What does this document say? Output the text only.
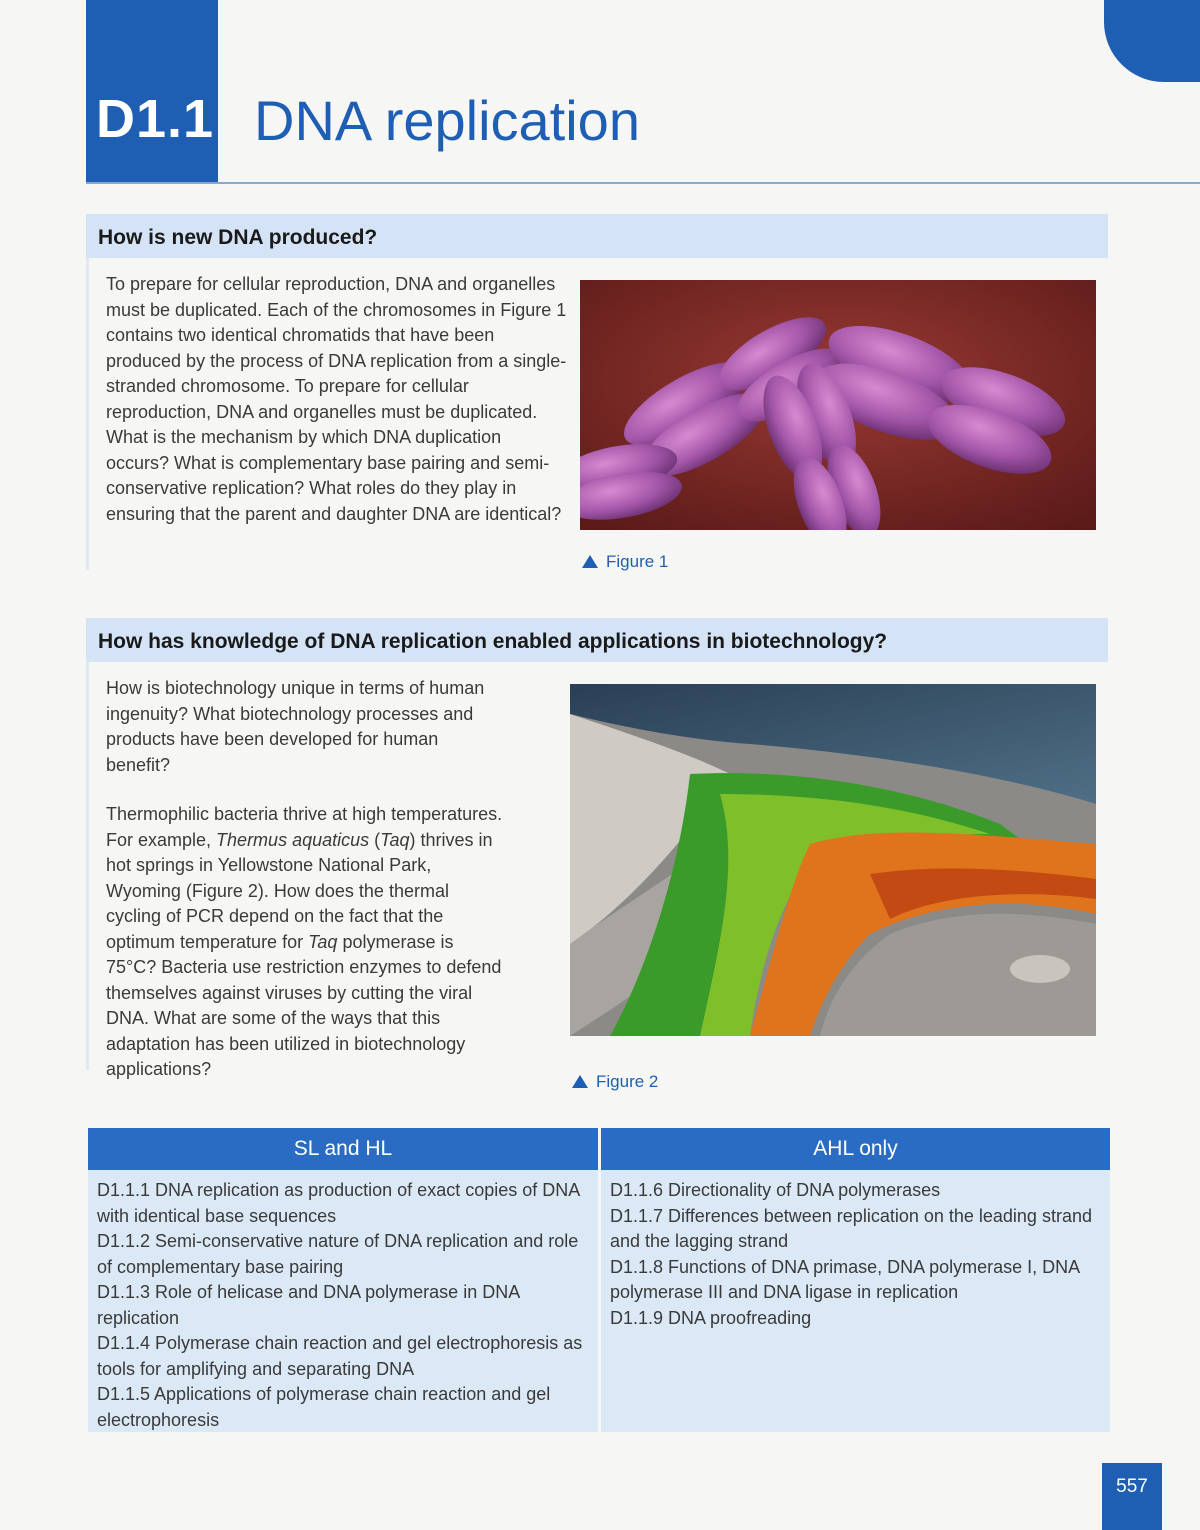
D1.1 DNA replication
How is new DNA produced?

To prepare for cellular reproduction, DNA and organelles must be duplicated. Each of the chromosomes in Figure 1 contains two identical chromatids that have been produced by the process of DNA replication from a single-stranded chromosome. To prepare for cellular reproduction, DNA and organelles must be duplicated. What is the mechanism by which DNA duplication occurs? What is complementary base pairing and semi-conservative replication? What roles do they play in ensuring that the parent and daughter DNA are identical?

Figure 1
How has knowledge of DNA replication enabled applications in biotechnology?

How is biotechnology unique in terms of human ingenuity? What biotechnology processes and products have been developed for human benefit?

Thermophilic bacteria thrive at high temperatures. For example, Thermus aquaticus (Taq) thrives in hot springs in Yellowstone National Park, Wyoming (Figure 2). How does the thermal cycling of PCR depend on the fact that the optimum temperature for Taq polymerase is 75°C? Bacteria use restriction enzymes to defend themselves against viruses by cutting the viral DNA. What are some of the ways that this adaptation has been utilized in biotechnology applications?

Figure 2
SL and HL
D1.1.1 DNA replication as production of exact copies of DNA with identical base sequences
D1.1.2 Semi-conservative nature of DNA replication and role of complementary base pairing
D1.1.3 Role of helicase and DNA polymerase in DNA replication
D1.1.4 Polymerase chain reaction and gel electrophoresis as tools for amplifying and separating DNA
D1.1.5 Applications of polymerase chain reaction and gel electrophoresis
AHL only
D1.1.6 Directionality of DNA polymerases
D1.1.7 Differences between replication on the leading strand and the lagging strand
D1.1.8 Functions of DNA primase, DNA polymerase I, DNA polymerase III and DNA ligase in replication
D1.1.9 DNA proofreading
557
